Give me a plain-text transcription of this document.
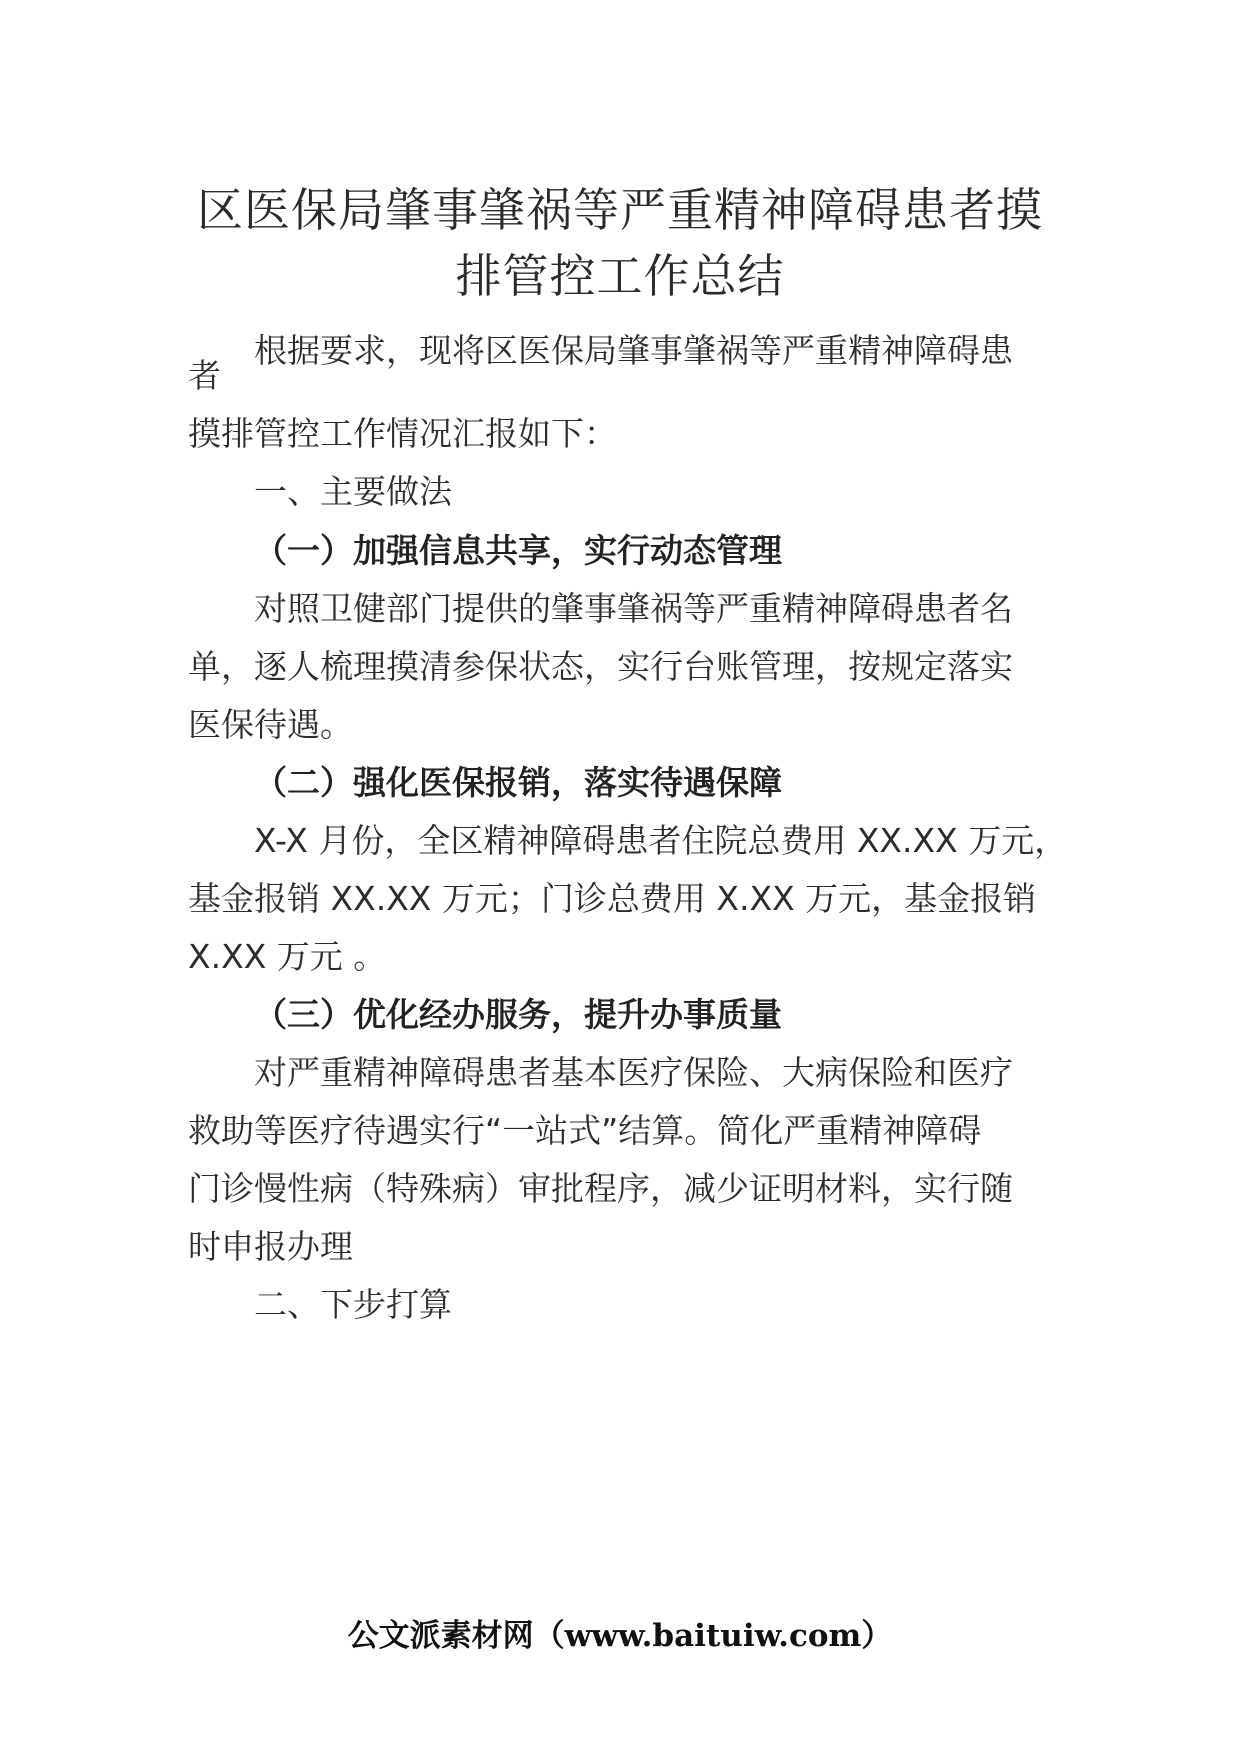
区医保局肇事肇祸等严重精神障碍患者摸
排管控工作总结
根据要求，现将区医保局肇事肇祸等严重精神障碍患
者
摸排管控工作情况汇报如下：
一、主要做法
（一）加强信息共享，实行动态管理
对照卫健部门提供的肇事肇祸等严重精神障碍患者名
单，逐人梳理摸清参保状态，实行台账管理，按规定落实
医保待遇。
（二）强化医保报销，落实待遇保障
X-X 月份，全区精神障碍患者住院总费用 XX.XX 万元，
基金报销 XX.XX 万元；门诊总费用 X.XX 万元，基金报销
X.XX 万元 。
（三）优化经办服务，提升办事质量
对严重精神障碍患者基本医疗保险、大病保险和医疗
救助等医疗待遇实行“一站式”结算。简化严重精神障碍
门诊慢性病（特殊病）审批程序，减少证明材料，实行随
时申报办理
二、下步打算
公文派素材网（www.baituiw.com）
